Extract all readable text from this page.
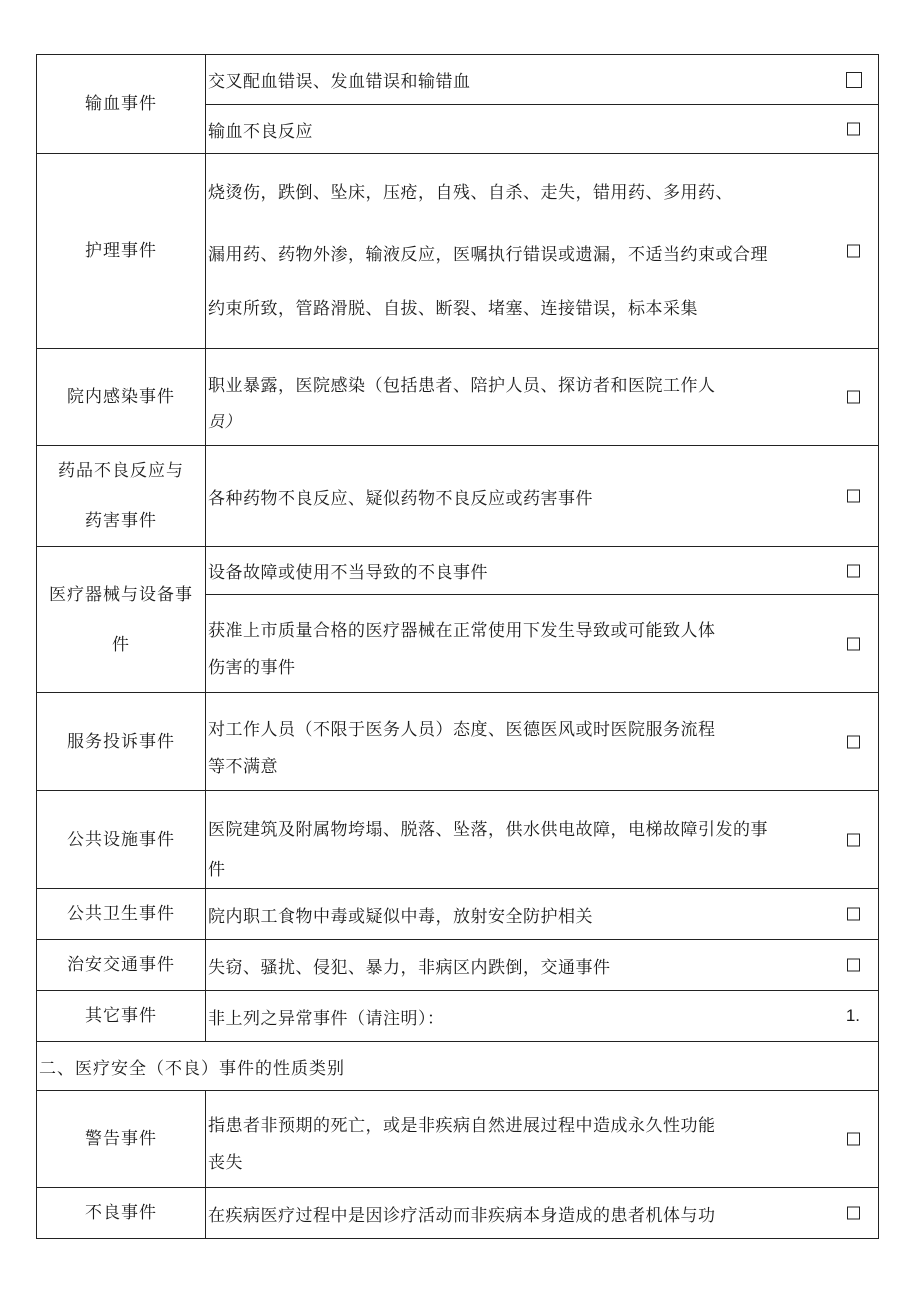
输血事件	交叉配血错误、发血错误和输错血

	输血不良反应

护理事件	烧烫伤，跌倒、坠床，压疮，自残、自杀、走失，错用药、多用药、
漏用药、药物外渗，输液反应，医嘱执行错误或遗漏，不适当约束或合理
约束所致，管路滑脱、自拔、断裂、堵塞、连接错误，标本采集

院内感染事件	职业暴露，医院感染（包括患者、陪护人员、探访者和医院工作人
员）

药品不良反应与
药害事件	各种药物不良反应、疑似药物不良反应或药害事件

医疗器械与设备事
件	设备故障或使用不当导致的不良事件

	获准上市质量合格的医疗器械在正常使用下发生导致或可能致人体
伤害的事件

服务投诉事件	对工作人员（不限于医务人员）态度、医德医风或时医院服务流程
等不满意

公共设施事件	医院建筑及附属物垮塌、脱落、坠落，供水供电故障，电梯故障引发的事
件

公共卫生事件	院内职工食物中毒或疑似中毒，放射安全防护相关

治安交通事件	失窃、骚扰、侵犯、暴力，非病区内跌倒，交通事件

其它事件	非上列之异常事件（请注明）： 1.

二、医疗安全（不良）事件的性质类别	
警告事件	指患者非预期的死亡，或是非疾病自然进展过程中造成永久性功能
丧失

不良事件	在疾病医疗过程中是因诊疗活动而非疾病本身造成的患者机体与功
